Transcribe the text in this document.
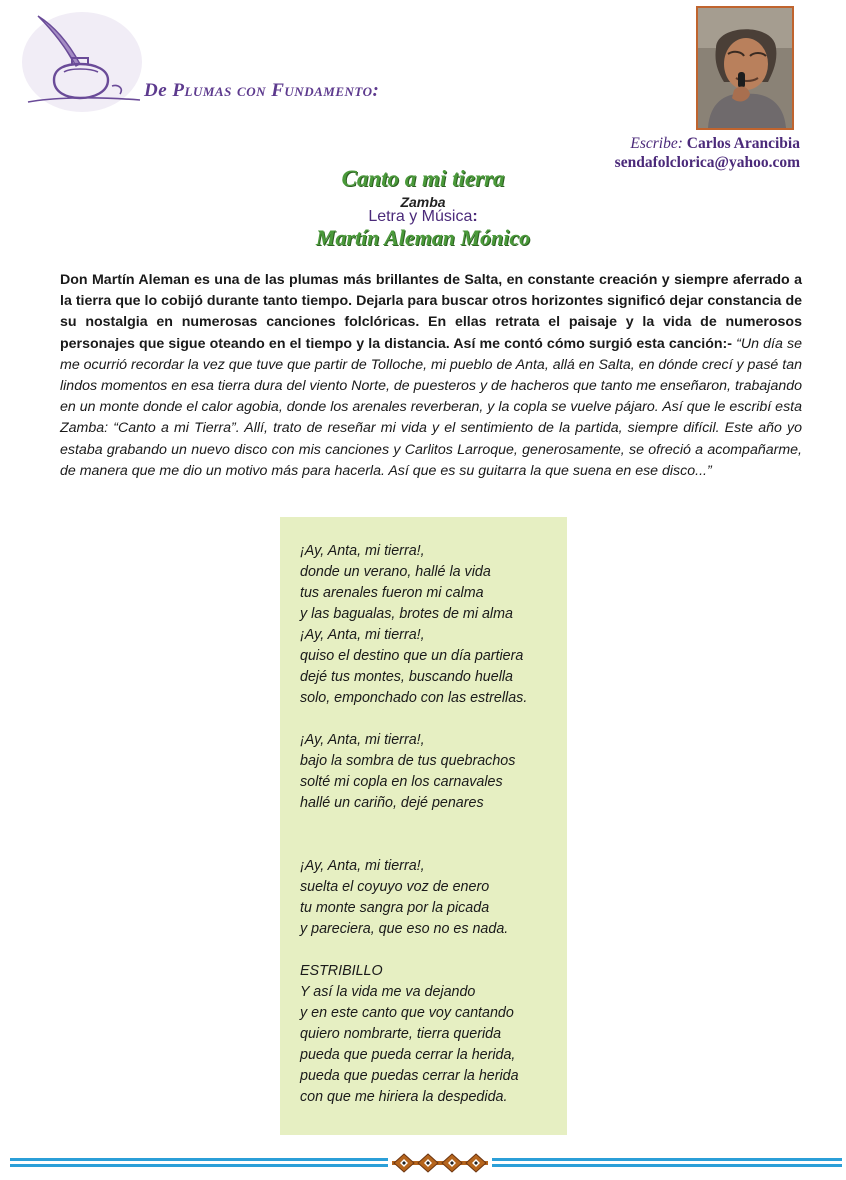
De Plumas con Fundamento:
Escribe: Carlos Arancibia
sendafolclorica@yahoo.com
Canto a mi tierra
Zamba
Letra y Música:
Martín Aleman Mónico
Don Martín Aleman es una de las plumas más brillantes de Salta, en constante creación y siempre aferrado a la tierra que lo cobijó durante tanto tiempo. Dejarla para buscar otros horizontes significó dejar constancia de su nostalgia en numerosas canciones folclóricas. En ellas retrata el paisaje y la vida de numerosos personajes que sigue oteando en el tiempo y la distancia. Así me contó cómo surgió esta canción:- “Un día se me ocurrió recordar la vez que tuve que partir de Tolloche, mi pueblo de Anta, allá en Salta, en dónde crecí y pasé tan lindos momentos en esa tierra dura del viento Norte, de puesteros y de hacheros que tanto me enseñaron, trabajando en un monte donde el calor agobia, donde los arenales reverberan, y la copla se vuelve pájaro. Así que le escribí esta Zamba: “Canto a mi Tierra”. Allí, trato de reseñar mi vida y el sentimiento de la partida, siempre difícil. Este año yo estaba grabando un nuevo disco con mis canciones y Carlitos Larroque, generosamente, se ofreció a acompañarme, de manera que me dio un motivo más para hacerla. Así que es su guitarra la que suena en ese disco...”
¡Ay, Anta, mi tierra!,
donde un verano, hallé la vida
tus arenales fueron mi calma
y las bagualas, brotes de mi alma
¡Ay, Anta, mi tierra!,
quiso el destino que un día partiera
dejé tus montes, buscando huella
solo, emponchado con las estrellas.
¡Ay, Anta, mi tierra!,
bajo la sombra de tus quebrachos
solté mi copla en los carnavales
hallé un cariño, dejé penares
¡Ay, Anta, mi tierra!,
suelta el coyuyo voz de enero
tu monte sangra por la picada
y pareciera, que eso no es nada.
ESTRIBILLO
Y así la vida me va dejando
y en este canto que voy cantando
quiero nombrarte, tierra querida
pueda que pueda cerrar la herida,
pueda que puedas cerrar la herida
con que me hiriera la despedida.
